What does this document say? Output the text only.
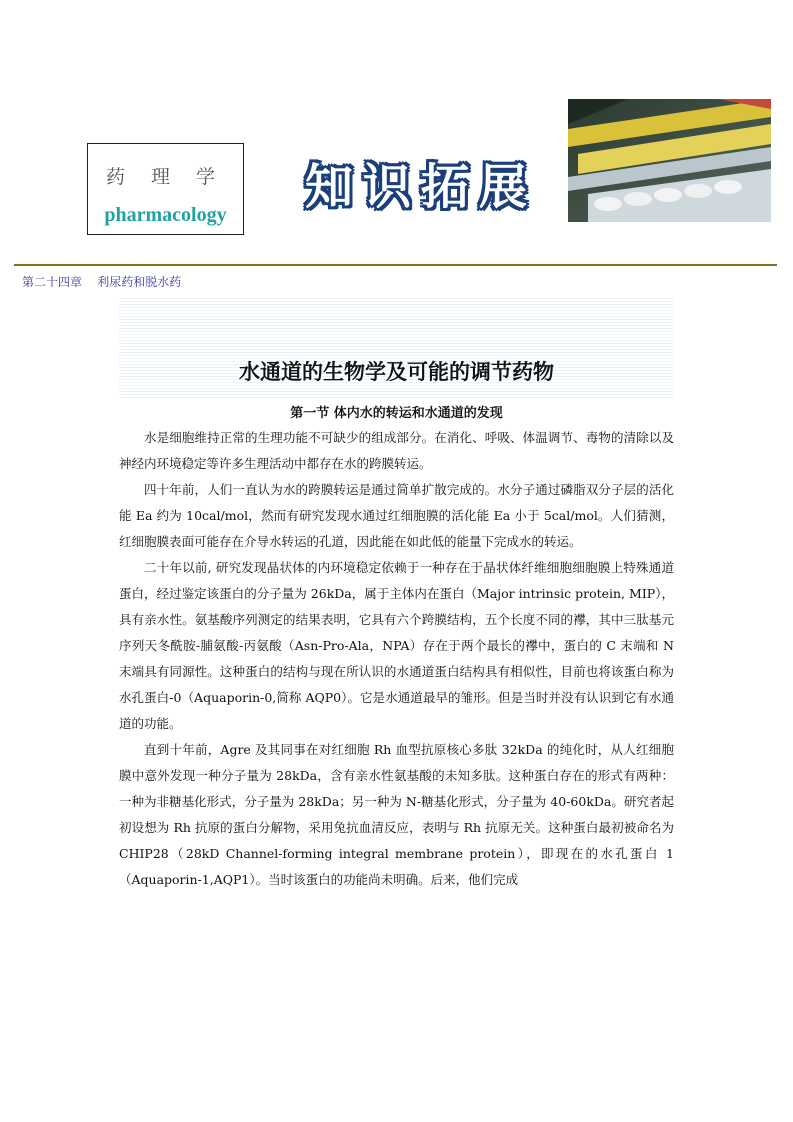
药 理 学
pharmacology	知识拓展
第二十四章    利尿药和脱水药
水通道的生物学及可能的调节药物
第一节 体内水的转运和水通道的发现

水是细胞维持正常的生理功能不可缺少的组成部分。在消化、呼吸、体温调节、毒物的清除以及神经内环境稳定等许多生理活动中都存在水的跨膜转运。

四十年前，人们一直认为水的跨膜转运是通过简单扩散完成的。水分子通过磷脂双分子层的活化能 Ea 约为 10cal/mol，然而有研究发现水通过红细胞膜的活化能 Ea 小于 5cal/mol。人们猜测，红细胞膜表面可能存在介导水转运的孔道，因此能在如此低的能量下完成水的转运。

二十年以前, 研究发现晶状体的内环境稳定依赖于一种存在于晶状体纤维细胞细胞膜上特殊通道蛋白，经过鉴定该蛋白的分子量为 26kDa，属于主体内在蛋白（Major intrinsic protein, MIP），具有亲水性。氨基酸序列测定的结果表明，它具有六个跨膜结构，五个长度不同的襻，其中三肽基元序列天冬酰胺-脯氨酸-丙氨酸（Asn-Pro-Ala，NPA）存在于两个最长的襻中，蛋白的 C 末端和 N 末端具有同源性。这种蛋白的结构与现在所认识的水通道蛋白结构具有相似性，目前也将该蛋白称为水孔蛋白-0（Aquaporin-0,简称 AQP0）。它是水通道最早的雏形。但是当时并没有认识到它有水通道的功能。

直到十年前，Agre 及其同事在对红细胞 Rh 血型抗原核心多肽 32kDa 的纯化时，从人红细胞膜中意外发现一种分子量为 28kDa，含有亲水性氨基酸的未知多肽。这种蛋白存在的形式有两种： 一种为非糖基化形式，分子量为 28kDa；另一种为 N-糖基化形式，分子量为 40-60kDa。研究者起初设想为 Rh 抗原的蛋白分解物，采用兔抗血清反应，表明与 Rh 抗原无关。这种蛋白最初被命名为 CHIP28（28kD Channel-forming integral membrane protein），即现在的水孔蛋白 1（Aquaporin-1,AQP1）。当时该蛋白的功能尚未明确。后来，他们完成
